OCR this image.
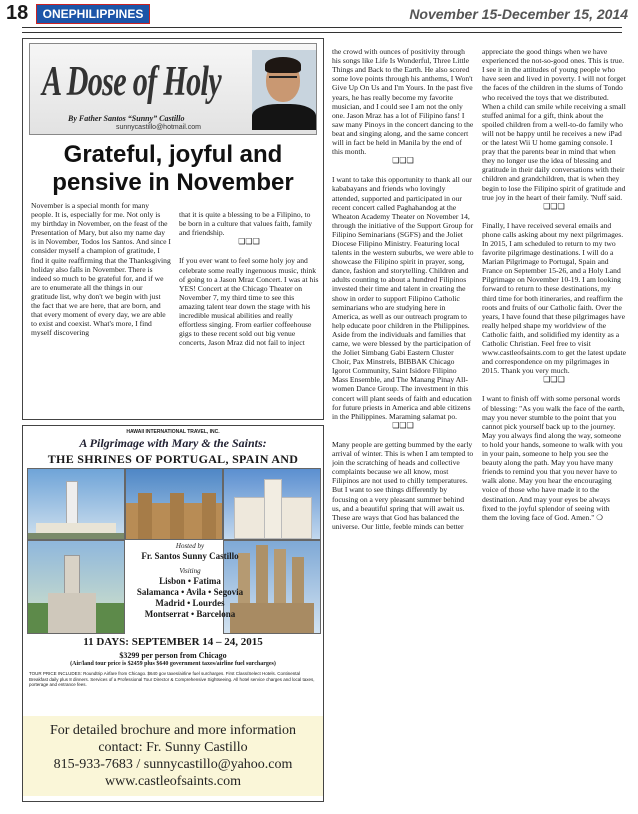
18	ONEPHILIPPINES	November 15-December 15, 2014
A Dose of Holy
By Father Santos “Sunny” Castillo
sunnycastillo@hotmail.com
Grateful, joyful and pensive in November
November is a special month for many people. It is, especially for me. Not only is my birthday in November, on the feast of the Presentation of Mary, but also my name day is in November, Todos los Santos. And since I consider myself a champion of gratitude, I find it quite reaffirming that the Thanksgiving holiday also falls in November. There is indeed so much to be grateful for, and if we are to enumerate all the things in our gratitude list, why don't we begin with just the fact that we are here, that are born, and that every moment of every day, we are able to exist and coexist. What's more, I find myself discovering

that it is quite a blessing to be a Filipino, to be born in a culture that values faith, family and friendship.

❑❑❑

If you ever want to feel some holy joy and celebrate some really ingenuous music, think of going to a Jason Mraz Concert. I was at his YES! Concert at the Chicago Theater on November 7, my third time to see this amazing talent tear down the stage with his incredible musical abilities and really effortless singing. From earlier coffeehouse gigs to these recent sold out big venue concerts, Jason Mraz did not fail to inject

the crowd with ounces of positivity through his songs like Life Is Wonderful, Three Little Things and Back to the Earth. He also scored some love points through his anthems, I Won't Give Up On Us and I'm Yours. In the past five years, he has really become my favorite musician, and I could see I am not the only one. Jason Mraz has a lot of Filipino fans! I saw many Pinoys in the concert dancing to the beat and singing along, and the same concert will in fact be held in Manila by the end of this month.

❑❑❑

I want to take this opportunity to thank all our kababayans and friends who lovingly attended, supported and participated in our recent concert called Paghahandog at the Wheaton Academy Theater on November 14, through the initiative of the Support Group for Filipino Seminarians (SGFS) and the Joliet Diocese Filipino Ministry. Featuring local talents in the western suburbs, we were able to showcase the Filipino spirit in prayer, song, dance, fashion and storytelling. Children and adults counting to about a hundred Filipinos invested their time and talent in creating the show in order to support Filipino Catholic seminarians who are studying here in America, as well as our outreach program to help educate poor children in the Philippines. Aside from the individuals and families that came, we were blessed by the participation of the Joliet Simbang Gabi Eastern Cluster Choir, Pax Minstrels, BIBBAK Chicago Igorot Community, Saint Isidore Filipino Mass Ensemble, and The Manang Pinay All-women Dance Group. The investment in this concert will plant seeds of faith and education for future priests in America and able citizens in the Philippines. Maraming salamat po.

❑❑❑

Many people are getting bummed by the early arrival of winter. This is when I am tempted to join the scratching of heads and collective complaints because we all know, most Filipinos are not used to chilly temperatures. But I want to see things differently by focusing on a very pleasant summer behind us, and a beautiful spring that will await us. These are ways that God has balanced the universe. Our little, feeble minds can better

appreciate the good things when we have experienced the not-so-good ones. This is true. I see it in the attitudes of young people who have seen and lived in poverty. I will not forget the faces of the children in the slums of Tondo who received the toys that we distributed. When a child can smile while receiving a small stuffed animal for a gift, think about the spoiled children from a well-to-do family who will not be happy until he receives a new iPad or the latest Wii U home gaming console. I pray that the parents bear in mind that when they no longer use the idea of blessing and gratitude in their daily conversations with their children and grandchildren, that is when they begin to lose the Filipino spirit of gratitude and true joy in the heart of their family. 'Nuff said.

❑❑❑

Finally, I have received several emails and phone calls asking about my next pilgrimages. In 2015, I am scheduled to return to my two favorite pilgrimage destinations. I will do a Marian Pilgrimage to Portugal, Spain and France on September 15-26, and a Holy Land Pilgrimage on November 10-19. I am looking forward to return to these destinations, my third time for both itineraries, and reaffirm the roots and fruits of our Catholic faith. Over the years, I have found that these pilgrimages have really helped shape my worldview of the Catholic faith, and solidified my identity as a Catholic Christian. Feel free to visit www.castleofsaints.com to get the latest update and correspondence on my pilgrimages in 2015. Thank you very much.

❑❑❑

I want to finish off with some personal words of blessing: "As you walk the face of the earth, may you never stumble to the point that you cannot pick yourself back up to the journey. May you always find along the way, someone to hold your hands, someone to walk with you in your pain, someone to help you see the beauty along the path. May you have many friends to remind you that you never have to walk alone. May you hear the encouraging voice of those who have made it to the destination. And may your eyes be always fixed to the joyful splendor of seeing with them the loving face of God. Amen." ❍

HAWAII INTERNATIONAL TRAVEL, INC.
A Pilgrimage with Mary & the Saints:
THE SHRINES OF PORTUGAL, SPAIN AND
Hosted by
Fr. Santos Sunny Castillo
Visiting
Lisbon • Fatima
Salamanca • Avila • Segovia
Madrid • Lourdes
Montserrat • Barcelona
11 DAYS: SEPTEMBER 14 – 24, 2015
$3299 per person from Chicago
(Air/land tour price is $2459 plus $640 government taxes/airline fuel surcharges)
TOUR PRICE INCLUDES: Roundtrip Airfare from Chicago. $640 gov taxes/airline fuel surcharges. First Class/Select Hotels. Continental Breakfast daily plus 8 dinners. Services of a Professional Tour Director & Comprehensive Sightseeing. All hotel service charges and local taxes, porterage and entrance fees.
For detailed brochure and more information
contact: Fr. Sunny Castillo
815-933-7683 / sunnycastillo@yahoo.com
www.castleofsaints.com
